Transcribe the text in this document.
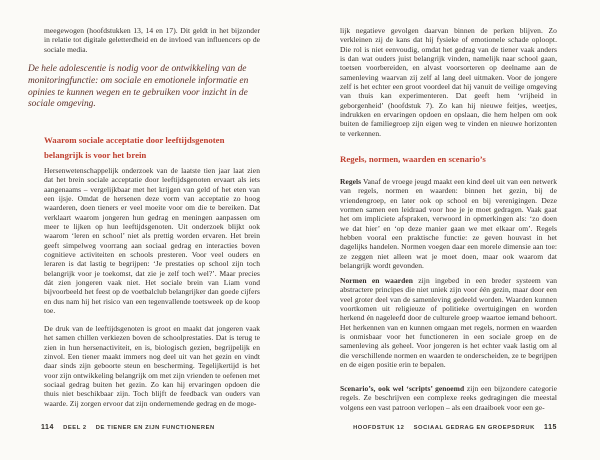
meegewogen (hoofdstukken 13, 14 en 17). Dit geldt in het bijzonder in relatie tot digitale geletterdheid en de invloed van influencers op de sociale media.

De hele adolescentie is nodig voor de ontwikkeling van de monitoringfunctie: om sociale en emotionele informatie en opinies te kunnen wegen en te gebruiken voor inzicht in de sociale omgeving.
Waarom sociale acceptatie door leeftijdsgenoten belangrijk is voor het brein

Hersenwetenschappelijk onderzoek van de laatste tien jaar laat zien dat het brein sociale acceptatie door leeftijdsgenoten ervaart als iets aangenaams – vergelijkbaar met het krijgen van geld of het eten van een ijsje. Omdat de hersenen deze vorm van acceptatie zo hoog waarderen, doen tieners er veel moeite voor om die te bereiken. Dat verklaart waarom jongeren hun gedrag en meningen aanpassen om meer te lijken op hun leeftijdsgenoten. Uit onderzoek blijkt ook waarom ‘leren en school’ niet als prettig worden ervaren. Het brein geeft simpelweg voorrang aan sociaal gedrag en interacties boven cognitieve activiteiten en schools presteren. Voor veel ouders en leraren is dat lastig te begrijpen: ‘Je prestaties op school zijn toch belangrijk voor je toekomst, dat zie je zelf toch wel?’. Maar precies dát zien jongeren vaak niet. Het sociale brein van Liam vond bijvoorbeeld het feest op de voetbalclub belangrijker dan goede cijfers en dus nam hij het risico van een tegenvallende toetsweek op de koop toe.

De druk van de leeftijdsgenoten is groot en maakt dat jongeren vaak het samen chillen verkiezen boven de schoolprestaties. Dat is terug te zien in hun hersenactiviteit, en is, biologisch gezien, begrijpelijk en zinvol. Een tiener maakt immers nog deel uit van het gezin en vindt daar sinds zijn geboorte steun en bescherming. Tegelijkertijd is het voor zijn ontwikkeling belangrijk om met zijn vrienden te oefenen met sociaal gedrag buiten het gezin. Zo kan hij ervaringen opdoen die thuis niet beschikbaar zijn. Toch blijft de feedback van ouders van waarde. Zij zorgen ervoor dat zijn ondernemende gedrag en de moge-

114 DEEL 2 DE TIENER EN ZIJN FUNCTIONEREN

lijk negatieve gevolgen daarvan binnen de perken blijven. Zo verkleinen zij de kans dat hij fysieke of emotionele schade oploopt. Die rol is niet eenvoudig, omdat het gedrag van de tiener vaak anders is dan wat ouders juist belangrijk vinden, namelijk naar school gaan, toetsen voorbereiden, en alvast voorsorteren op deelname aan de samenleving waarvan zij zelf al lang deel uitmaken. Voor de jongere zelf is het echter een groot voordeel dat hij vanuit de veilige omgeving van thuis kan experimenteren. Dat geeft hem ‘vrijheid in geborgenheid’ (hoofdstuk 7). Zo kan hij nieuwe feitjes, weetjes, indrukken en ervaringen opdoen en opslaan, die hem helpen om ook buiten de familiegroep zijn eigen weg te vinden en nieuwe horizonten te verkennen.

Regels, normen, waarden en scenario’s

Regels Vanaf de vroege jeugd maakt een kind deel uit van een netwerk van regels, normen en waarden: binnen het gezin, bij de vriendengroep, en later ook op school en bij verenigingen. Deze vormen samen een leidraad voor hoe je je moet gedragen. Vaak gaat het om impliciete afspraken, verwoord in opmerkingen als: ‘zo doen we dat hier’ en ‘op deze manier gaan we met elkaar om’. Regels hebben vooral een praktische functie: ze geven houvast in het dagelijks handelen. Normen voegen daar een morele dimensie aan toe: ze zeggen niet alleen wat je moet doen, maar ook waarom dat belangrijk wordt gevonden.

Normen en waarden zijn ingebed in een breder systeem van abstractere principes die niet uniek zijn voor één gezin, maar door een veel groter deel van de samenleving gedeeld worden. Waarden kunnen voortkomen uit religieuze of politieke overtuigingen en worden herkend én nageleefd door de culturele groep waartoe iemand behoort. Het herkennen van en kunnen omgaan met regels, normen en waarden is onmisbaar voor het functioneren in een sociale groep en de samenleving als geheel. Voor jongeren is het echter vaak lastig om al die verschillende normen en waarden te onderscheiden, ze te begrijpen en de eigen positie erin te bepalen.

Scenario’s, ook wel ‘scripts’ genoemd zijn een bijzondere categorie regels. Ze beschrijven een complexe reeks gedragingen die meestal volgens een vast patroon verlopen – als een draaiboek voor een ge-

HOOFDSTUK 12 SOCIAAL GEDRAG EN GROEPSDRUK 115
